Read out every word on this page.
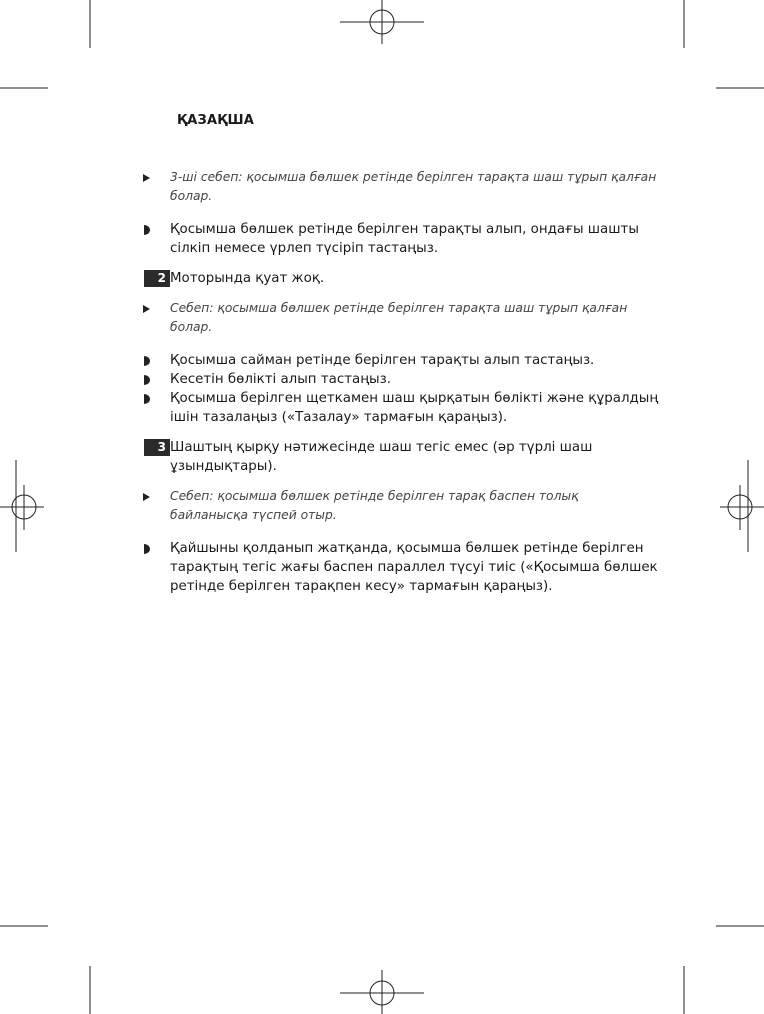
ҚАЗАҚША
3-ші себеп: қосымша бөлшек ретінде берілген тарақта шаш тұрып қалған болар.
Қосымша бөлшек ретінде берілген тарақты алып, ондағы шашты сілкіп немесе үрлеп түсіріп тастаңыз.
2 Моторында қуат жоқ.
Себеп: қосымша бөлшек ретінде берілген тарақта шаш тұрып қалған болар.
Қосымша сайман ретінде берілген тарақты алып тастаңыз.
Кесетін бөлікті алып тастаңыз.
Қосымша берілген щеткамен шаш қырқатын бөлікті және құралдың ішін тазалаңыз («Тазалау» тармағын қараңыз).
3 Шаштың қырқу нәтижесінде шаш тегіс емес (әр түрлі шаш ұзындықтары).
Себеп: қосымша бөлшек ретінде берілген тарақ баспен толық байланысқа түспей отыр.
Қайшыны қолданып жатқанда, қосымша бөлшек ретінде берілген тарақтың тегіс жағы баспен параллел түсуі тиіс («Қосымша бөлшек ретінде берілген тарақпен кесу» тармағын қараңыз).
